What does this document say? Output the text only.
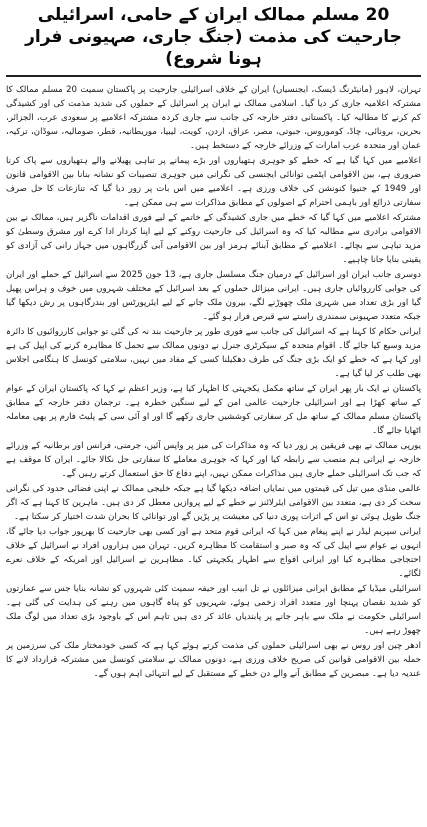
20 مسلم ممالک ایران کے حامی، اسرائیلی جارحیت کی مذمت (جنگ جاری، صہیونی فرار ہونا شروع)

تہران، لاہور (مانیٹرنگ ڈیسک، ایجنسیاں) ایران کے خلاف اسرائیلی جارحیت پر پاکستان سمیت 20 مسلم ممالک کا مشترکہ اعلامیہ جاری کر دیا گیا۔ اسلامی ممالک نے ایران پر اسرائیل کے حملوں کی شدید مذمت کی اور کشیدگی کم کرنے کا مطالبہ کیا۔ پاکستانی دفتر خارجہ کی جانب سے جاری کردہ مشترکہ اعلامیے پر سعودی عرب، الجزائر، بحرین، برونائی، چاڈ، کوموروس، جبوتی، مصر، عراق، اردن، کویت، لیبیا، موریطانیہ، قطر، صومالیہ، سوڈان، ترکیہ، عمان اور متحدہ عرب امارات کے وزرائے خارجہ کے دستخط ہیں۔

اعلامیے میں کہا گیا ہے کہ خطے کو جوہری ہتھیاروں اور بڑے پیمانے پر تباہی پھیلانے والے ہتھیاروں سے پاک کرنا ضروری ہے، بین الاقوامی ایٹمی توانائی ایجنسی کی نگرانی میں جوہری تنصیبات کو نشانہ بنانا بین الاقوامی قانون اور 1949 کے جنیوا کنونشن کی خلاف ورزی ہے۔ اعلامیے میں اس بات پر زور دیا گیا کہ تنازعات کا حل صرف سفارتی ذرائع اور باہمی احترام کے اصولوں کے مطابق مذاکرات سے ہی ممکن ہے۔

مشترکہ اعلامیے میں کہا گیا کہ خطے میں جاری کشیدگی کے خاتمے کے لیے فوری اقدامات ناگزیر ہیں، ممالک نے بین الاقوامی برادری سے مطالبہ کیا کہ وہ اسرائیل کی جارحیت روکنے کے لیے اپنا کردار ادا کرے اور مشرق وسطیٰ کو مزید تباہی سے بچائے۔ اعلامیے کے مطابق آبنائے ہرمز اور بین الاقوامی آبی گزرگاہوں میں جہاز رانی کی آزادی کو یقینی بنایا جانا چاہیے۔

دوسری جانب ایران اور اسرائیل کے درمیان جنگ مسلسل جاری ہے، 13 جون 2025 سے اسرائیل کے حملے اور ایران کی جوابی کارروائیاں جاری ہیں۔ ایرانی میزائل حملوں کے بعد اسرائیل کے مختلف شہروں میں خوف و ہراس پھیل گیا اور بڑی تعداد میں شہری ملک چھوڑنے لگے، بیرون ملک جانے کے لیے ایئرپورٹس اور بندرگاہوں پر رش دیکھا گیا جبکہ متعدد صہیونی سمندری راستے سے قبرص فرار ہو گئے۔

ایرانی حکام کا کہنا ہے کہ اسرائیل کی جانب سے فوری طور پر جارحیت بند نہ کی گئی تو جوابی کارروائیوں کا دائرہ مزید وسیع کیا جائے گا۔ اقوام متحدہ کے سیکرٹری جنرل نے دونوں ممالک سے تحمل کا مظاہرہ کرنے کی اپیل کی ہے اور کہا ہے کہ خطے کو ایک بڑی جنگ کی طرف دھکیلنا کسی کے مفاد میں نہیں، سلامتی کونسل کا ہنگامی اجلاس بھی طلب کر لیا گیا ہے۔

پاکستان نے ایک بار پھر ایران کے ساتھ مکمل یکجہتی کا اظہار کیا ہے، وزیر اعظم نے کہا کہ پاکستان ایران کے عوام کے ساتھ کھڑا ہے اور اسرائیلی جارحیت عالمی امن کے لیے سنگین خطرہ ہے۔ ترجمان دفتر خارجہ کے مطابق پاکستان مسلم ممالک کے ساتھ مل کر سفارتی کوششیں جاری رکھے گا اور او آئی سی کے پلیٹ فارم پر بھی معاملہ اٹھایا جائے گا۔

یورپی ممالک نے بھی فریقین پر زور دیا کہ وہ مذاکرات کی میز پر واپس آئیں، جرمنی، فرانس اور برطانیہ کے وزرائے خارجہ نے ایرانی ہم منصب سے رابطہ کیا اور کہا کہ جوہری معاملے کا سفارتی حل نکالا جائے۔ ایران کا موقف ہے کہ جب تک اسرائیلی حملے جاری ہیں مذاکرات ممکن نہیں، اپنے دفاع کا حق استعمال کرتے رہیں گے۔

عالمی منڈی میں تیل کی قیمتوں میں نمایاں اضافہ دیکھا گیا ہے جبکہ خلیجی ممالک نے اپنی فضائی حدود کی نگرانی سخت کر دی ہے، متعدد بین الاقوامی ایئرلائنز نے خطے کے لیے پروازیں معطل کر دی ہیں۔ ماہرین کا کہنا ہے کہ اگر جنگ طویل ہوئی تو اس کے اثرات پوری دنیا کی معیشت پر پڑیں گے اور توانائی کا بحران شدت اختیار کر سکتا ہے۔

ایرانی سپریم لیڈر نے اپنے پیغام میں کہا کہ ایرانی قوم متحد ہے اور کسی بھی جارحیت کا بھرپور جواب دیا جائے گا، انہوں نے عوام سے اپیل کی کہ وہ صبر و استقامت کا مظاہرہ کریں۔ تہران میں ہزاروں افراد نے اسرائیل کے خلاف احتجاجی مظاہرہ کیا اور ایرانی افواج سے اظہار یکجہتی کیا۔ مظاہرین نے اسرائیل اور امریکہ کے خلاف نعرے لگائے۔

اسرائیلی میڈیا کے مطابق ایرانی میزائلوں نے تل ابیب اور حیفہ سمیت کئی شہروں کو نشانہ بنایا جس سے عمارتوں کو شدید نقصان پہنچا اور متعدد افراد زخمی ہوئے، شہریوں کو پناہ گاہوں میں رہنے کی ہدایت کی گئی ہے۔ اسرائیلی حکومت نے ملک سے باہر جانے پر پابندیاں عائد کر دی ہیں تاہم اس کے باوجود بڑی تعداد میں لوگ ملک چھوڑ رہے ہیں۔

ادھر چین اور روس نے بھی اسرائیلی حملوں کی مذمت کرتے ہوئے کہا ہے کہ کسی خودمختار ملک کی سرزمین پر حملہ بین الاقوامی قوانین کی صریح خلاف ورزی ہے، دونوں ممالک نے سلامتی کونسل میں مشترکہ قرارداد لانے کا عندیہ دیا ہے۔ مبصرین کے مطابق آنے والے دن خطے کے مستقبل کے لیے انتہائی اہم ہوں گے۔
